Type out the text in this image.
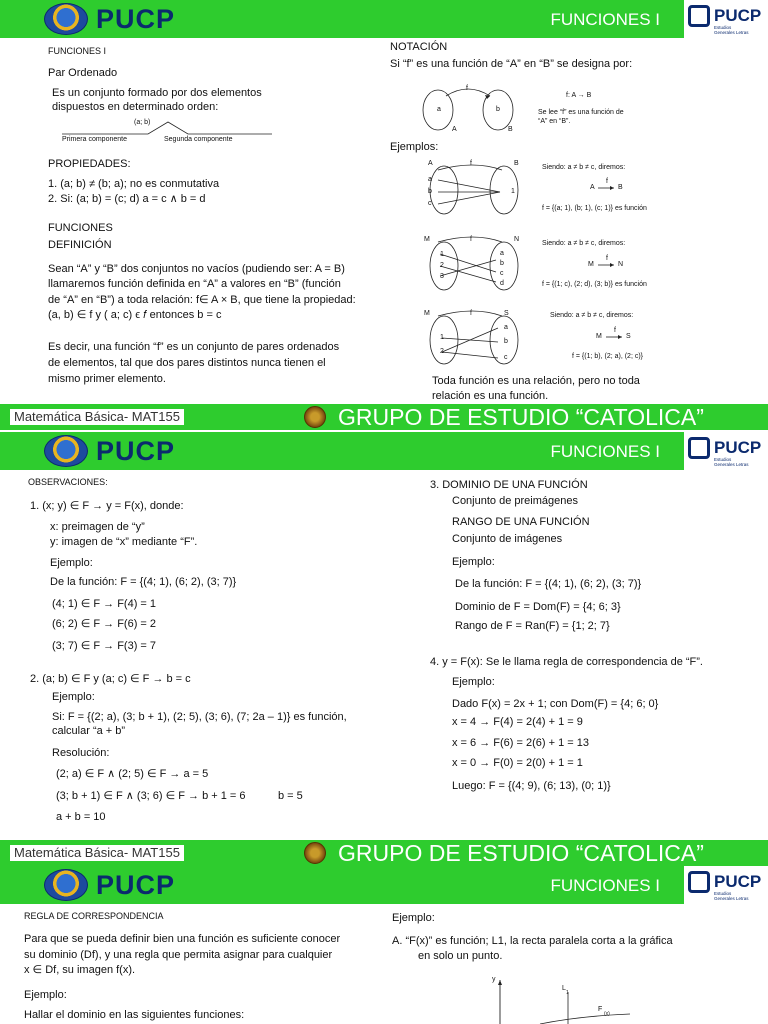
PUCP	FUNCIONES I	PUCP
Estudios
Generales Letras
FUNCIONES I
Par Ordenado
Es un conjunto formado por dos elementos
dispuestos en determinado orden:
(a; b)
Primera componente	Segunda componente
PROPIEDADES:
1. (a; b) ≠ (b; a); no es conmutativa
2. Si: (a; b) = (c; d) a = c ∧ b = d
FUNCIONES
DEFINICIÓN
Sean “A” y “B” dos conjuntos no vacíos (pudiendo ser: A = B)
llamaremos función definida en “A” a valores en “B” (función
de “A” en “B”) a toda relación: f∈ A × B, que tiene la propiedad:
(a, b) ∈ f y ( a; c) ϵ 𝑓 entonces b = c
Es decir, una función “f” es un conjunto de pares ordenados
de elementos, tal que dos pares distintos nunca tienen el
mismo primer elemento.
NOTACIÓN
Si “f” es una función de “A” en “B” se designa por:
a	b
f
A	B
f: A → B
Se lee “f” es una función de
“A” en “B”.
Ejemplos:
A	f	B
a
b
c
1
Siendo: a ≠ b ≠ c, diremos:
A
f
B
f = {(a; 1), (b; 1), (c; 1)} es función
M	f	N
1
2
3
a
b
c
d
Siendo: a ≠ b ≠ c, diremos:
M
f
N
f = {(1; c), (2; d), (3; b)} es función
M	f	S
1
2
a
b
c
Siendo: a ≠ b ≠ c, diremos:
M
f
S
f = {(1; b), (2; a), (2; c)}
Toda función es una relación, pero no toda
relación es una función.
Matemática Básica- MAT155	GRUPO DE ESTUDIO “CATOLICA”
PUCP	FUNCIONES I	PUCP
Estudios
Generales Letras
OBSERVACIONES:
1. (x; y) ∈ F → y = F(x), donde:
x: preimagen de “y”
y: imagen de “x” mediante “F”.
Ejemplo:
De la función: F = {(4; 1), (6; 2), (3; 7)}
(4; 1) ∈ F → F(4) = 1
(6; 2) ∈ F → F(6) = 2
(3; 7) ∈ F → F(3) = 7
2. (a; b) ∈ F y (a; c) ∈ F → b = c
Ejemplo:
Si: F = {(2; a), (3; b + 1), (2; 5), (3; 6), (7; 2a – 1)} es función,
calcular “a + b”
Resolución:
(2; a) ∈ F ∧ (2; 5) ∈ F → a = 5
(3; b + 1) ∈ F ∧ (3; 6) ∈ F → b + 1 = 6	b = 5
a + b = 10
3. DOMINIO DE UNA FUNCIÓN
Conjunto de preimágenes
RANGO DE UNA FUNCIÓN
Conjunto de imágenes
Ejemplo:
De la función: F = {(4; 1), (6; 2), (3; 7)}
Dominio de F = Dom(F) = {4; 6; 3}
Rango de F = Ran(F) = {1; 2; 7}
4. y = F(x): Se le llama regla de correspondencia de “F”.
Ejemplo:
Dado F(x) = 2x + 1; con Dom(F) = {4; 6; 0}
x = 4 → F(4) = 2(4) + 1 = 9
x = 6 → F(6) = 2(6) + 1 = 13
x = 0 → F(0) = 2(0) + 1 = 1
Luego: F = {(4; 9), (6; 13), (0; 1)}
Matemática Básica- MAT155	GRUPO DE ESTUDIO “CATOLICA”
PUCP	FUNCIONES I	PUCP
Estudios
Generales Letras
REGLA DE CORRESPONDENCIA
Para que se pueda definir bien una función es suficiente conocer
su dominio (Df), y una regla que permita asignar para cualquier
x ∈ Df, su imagen f(x).
Ejemplo:
Hallar el dominio en las siguientes funciones:
Ejemplo:
A. “F(x)” es función; L1, la recta paralela corta a la gráfica
en solo un punto.
y
L
1
F
(x)
